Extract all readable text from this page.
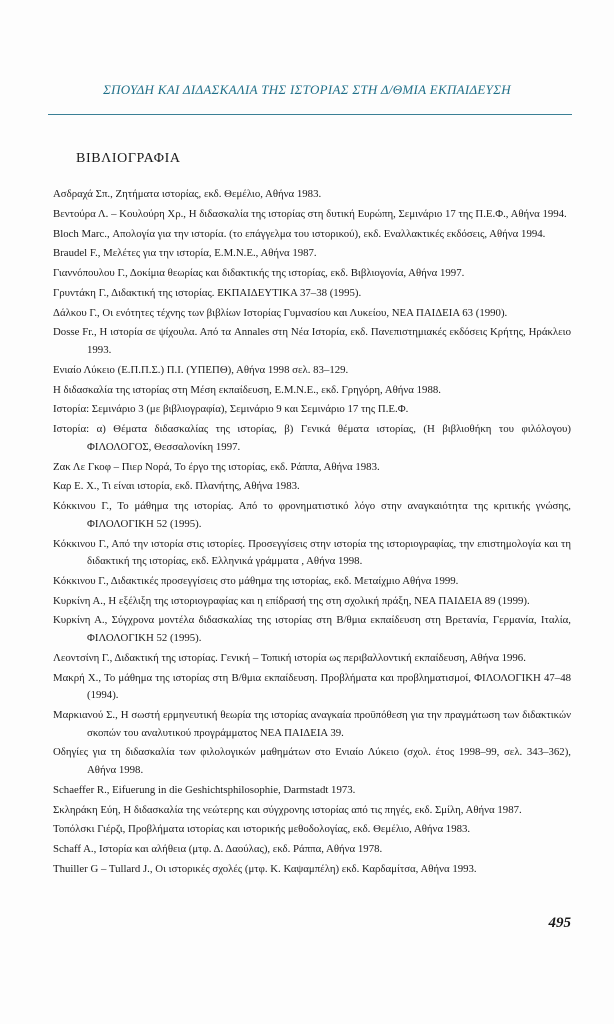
ΣΠΟΥΔΗ ΚΑΙ ΔΙΔΑΣΚΑΛΙΑ ΤΗΣ ΙΣΤΟΡΙΑΣ ΣΤΗ Δ/ΘΜΙΑ ΕΚΠΑΙΔΕΥΣΗ
ΒΙΒΛΙΟΓΡΑΦΙΑ

Ασδραχά Σπ., Ζητήματα ιστορίας, εκδ. Θεμέλιο, Αθήνα 1983.

Βεντούρα Λ. – Κουλούρη Χρ., Η διδασκαλία της ιστορίας στη δυτική Ευρώπη, Σεμινάριο 17 της Π.Ε.Φ., Αθήνα 1994.

Bloch Marc., Απολογία για την ιστορία. (το επάγγελμα του ιστορικού), εκδ. Εναλλακτικές εκδόσεις, Αθήνα 1994.

Braudel F., Μελέτες για την ιστορία, Ε.Μ.Ν.Ε., Αθήνα 1987.

Γιαννόπουλου Γ., Δοκίμια θεωρίας και διδακτικής της ιστορίας, εκδ. Βιβλιογονία, Αθήνα 1997.

Γρυντάκη Γ., Διδακτική της ιστορίας. ΕΚΠΑΙΔΕΥΤΙΚΑ 37–38 (1995).

Δάλκου Γ., Οι ενότητες τέχνης των βιβλίων Ιστορίας Γυμνασίου και Λυκείου, ΝΕΑ ΠΑΙΔΕΙΑ 63 (1990).

Dosse Fr., Η ιστορία σε ψίχουλα. Από τα Annales στη Νέα Ιστορία, εκδ. Πανεπιστημιακές εκδόσεις Κρήτης, Ηράκλειο 1993.

Ενιαίο Λύκειο (Ε.Π.Π.Σ.) Π.Ι. (ΥΠΕΠΘ), Αθήνα 1998 σελ. 83–129.

Η διδασκαλία της ιστορίας στη Μέση εκπαίδευση, Ε.Μ.Ν.Ε., εκδ. Γρηγόρη, Αθήνα 1988.

Ιστορία: Σεμινάριο 3 (με βιβλιογραφία), Σεμινάριο 9 και Σεμινάριο 17 της Π.Ε.Φ.

Ιστορία: α) Θέματα διδασκαλίας της ιστορίας, β) Γενικά θέματα ιστορίας, (Η βιβλιοθήκη του φιλόλογου) ΦΙΛΟΛΟΓΟΣ, Θεσσαλονίκη 1997.

Ζακ Λε Γκοφ – Πιερ Νορά, Το έργο της ιστορίας, εκδ. Ράππα, Αθήνα 1983.

Καρ Ε. Χ., Τι είναι ιστορία, εκδ. Πλανήτης, Αθήνα 1983.

Κόκκινου Γ., Το μάθημα της ιστορίας. Από το φρονηματιστικό λόγο στην αναγκαιότητα της κριτικής γνώσης, ΦΙΛΟΛΟΓΙΚΗ 52 (1995).

Κόκκινου Γ., Από την ιστορία στις ιστορίες. Προσεγγίσεις στην ιστορία της ιστοριογραφίας, την επιστημολογία και τη διδακτική της ιστορίας, εκδ. Ελληνικά γράμματα , Αθήνα 1998.

Κόκκινου Γ., Διδακτικές προσεγγίσεις στο μάθημα της ιστορίας, εκδ. Μεταίχμιο Αθήνα 1999.

Κυρκίνη Α., Η εξέλιξη της ιστοριογραφίας και η επίδρασή της στη σχολική πράξη, ΝΕΑ ΠΑΙΔΕΙΑ 89 (1999).

Κυρκίνη Α., Σύγχρονα μοντέλα διδασκαλίας της ιστορίας στη Β/θμια εκπαίδευση στη Βρετανία, Γερμανία, Ιταλία, ΦΙΛΟΛΟΓΙΚΗ 52 (1995).

Λεοντσίνη Γ., Διδακτική της ιστορίας. Γενική – Τοπική ιστορία ως περιβαλλοντική εκπαίδευση, Αθήνα 1996.

Μακρή Χ., Το μάθημα της ιστορίας στη Β/θμια εκπαίδευση. Προβλήματα και προβληματισμοί, ΦΙΛΟΛΟΓΙΚΗ 47–48 (1994).

Μαρκιανού Σ., Η σωστή ερμηνευτική θεωρία της ιστορίας αναγκαία προϋπόθεση για την πραγμάτωση των διδακτικών σκοπών του αναλυτικού προγράμματος ΝΕΑ ΠΑΙΔΕΙΑ 39.

Οδηγίες για τη διδασκαλία των φιλολογικών μαθημάτων στο Ενιαίο Λύκειο (σχολ. έτος 1998–99, σελ. 343–362), Αθήνα 1998.

Schaeffer R., Eifuerung in die Geshichtsphilosophie, Darmstadt 1973.

Σκληράκη Εύη, Η διδασκαλία της νεώτερης και σύγχρονης ιστορίας από τις πηγές, εκδ. Σμίλη, Αθήνα 1987.

Τοπόλσκι Γιέρζι, Προβλήματα ιστορίας και ιστορικής μεθοδολογίας, εκδ. Θεμέλιο, Αθήνα 1983.

Schaff A., Ιστορία και αλήθεια (μτφ. Δ. Δαούλας), εκδ. Ράππα, Αθήνα 1978.

Thuiller G – Tullard J., Οι ιστορικές σχολές (μτφ. Κ. Καψαμπέλη) εκδ. Καρδαμίτσα, Αθήνα 1993.

495
